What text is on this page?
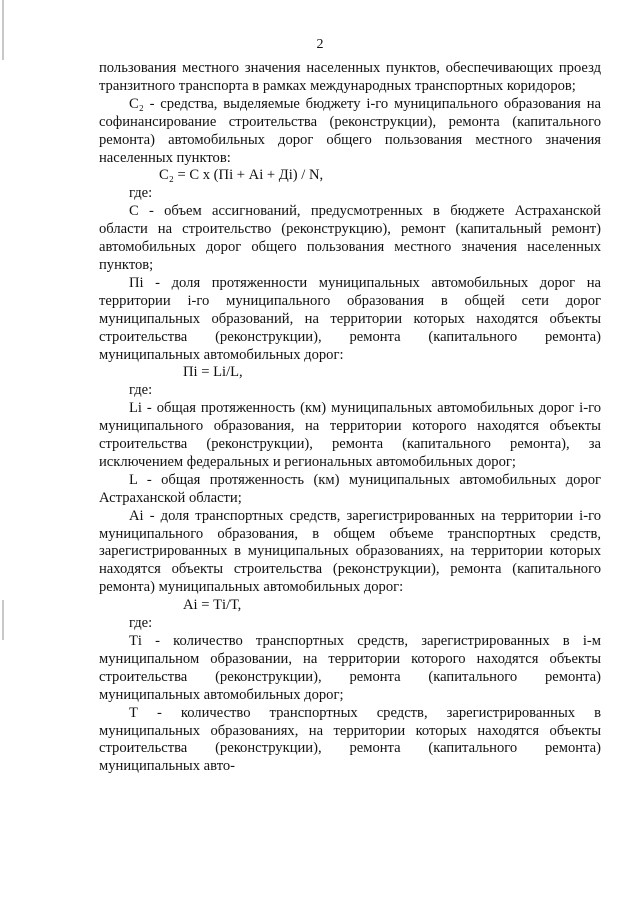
2

пользования местного значения населенных пунктов, обеспечивающих проезд транзитного транспорта в рамках международных транспортных коридоров;

С₂ - средства, выделяемые бюджету i-го муниципального образования на софинансирование строительства (реконструкции), ремонта (капитального ремонта) автомобильных дорог общего пользования местного значения населенных пунктов:

С₂ = С х (Пi + Аi + Дi) / N,

где:

С - объем ассигнований, предусмотренных в бюджете Астраханской области на строительство (реконструкцию), ремонт (капитальный ремонт) автомобильных дорог общего пользования местного значения населенных пунктов;

Пi - доля протяженности муниципальных автомобильных дорог на территории i-го муниципального образования в общей сети дорог муниципальных образований, на территории которых находятся объекты строительства (реконструкции), ремонта (капитального ремонта) муниципальных автомобильных дорог:

Пi = Li/L,

где:

Li - общая протяженность (км) муниципальных автомобильных дорог i-го муниципального образования, на территории которого находятся объекты строительства (реконструкции), ремонта (капитального ремонта), за исключением федеральных и региональных автомобильных дорог;

L - общая протяженность (км) муниципальных автомобильных дорог Астраханской области;

Аi - доля транспортных средств, зарегистрированных на территории i-го муниципального образования, в общем объеме транспортных средств, зарегистрированных в муниципальных образованиях, на территории которых находятся объекты строительства (реконструкции), ремонта (капитального ремонта) муниципальных автомобильных дорог:

Аi = Тi/Т,

где:

Тi - количество транспортных средств, зарегистрированных в i-м муниципальном образовании, на территории которого находятся объекты строительства (реконструкции), ремонта (капитального ремонта) муниципальных автомобильных дорог;

Т - количество транспортных средств, зарегистрированных в муниципальных образованиях, на территории которых находятся объекты строительства (реконструкции), ремонта (капитального ремонта) муниципальных авто-
